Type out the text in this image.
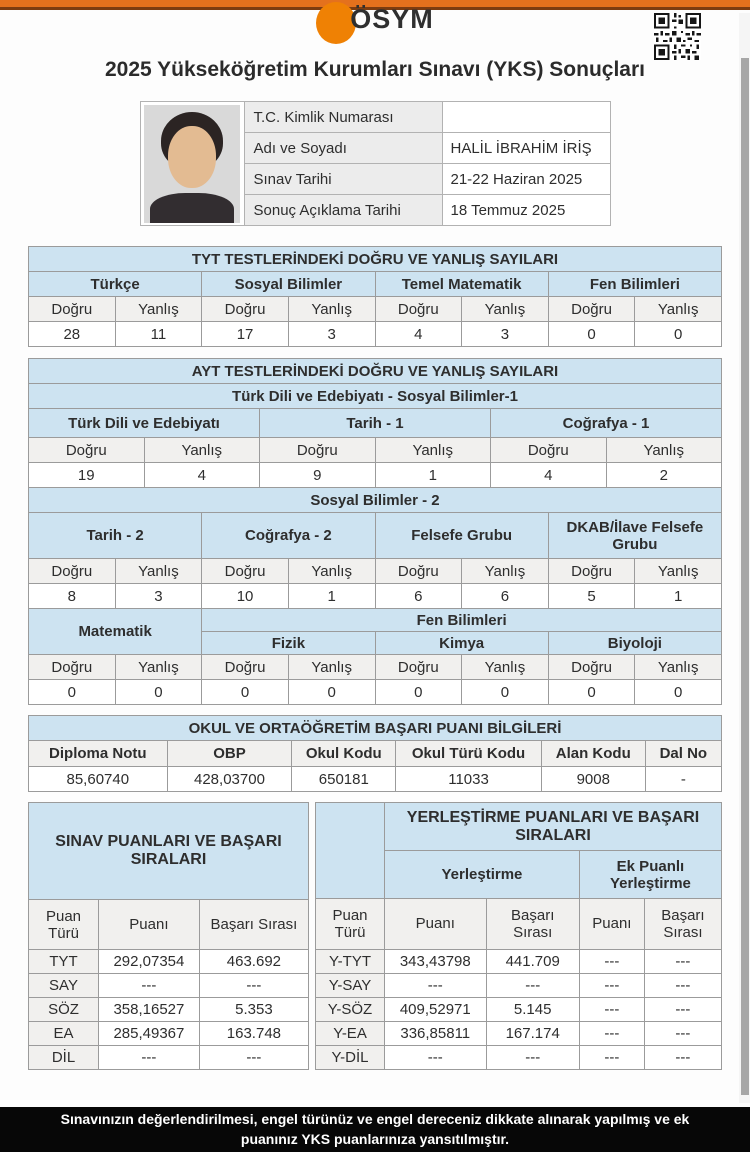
ÖSYM
2025 Yükseköğretim Kurumları Sınavı (YKS) Sonuçları
	T.C. Kimlik Numarası	
	Adı ve Soyadı	HALİL İBRAHİM İRİŞ
	Sınav Tarihi	21-22 Haziran 2025
	Sonuç Açıklama Tarihi	18 Temmuz 2025
TYT TESTLERİNDEKİ DOĞRU VE YANLIŞ SAYILARI							
Türkçe		Sosyal Bilimler		Temel Matematik		Fen Bilimleri	
Doğru	Yanlış	Doğru	Yanlış	Doğru	Yanlış	Doğru	Yanlış
28	11	17	3	4	3	0	0
AYT TESTLERİNDEKİ DOĞRU VE YANLIŞ SAYILARI											
Türk Dili ve Edebiyatı - Sosyal Bilimler-1											
Türk Dili ve Edebiyatı				Tarih - 1				Coğrafya - 1			
Doğru		Yanlış		Doğru		Yanlış		Doğru		Yanlış	
19		4		9		1		4		2	
Sosyal Bilimler - 2											
Tarih - 2			Coğrafya - 2			Felsefe Grubu			DKAB/İlave Felsefe Grubu		
Doğru	Yanlış		Doğru		Yanlış	Doğru	Yanlış		Doğru		Yanlış
8	3		10		1	6	6		5		1
Matematik			Fen Bilimleri								
			Fizik			Kimya			Biyoloji		
Doğru	Yanlış		Doğru		Yanlış	Doğru	Yanlış		Doğru		Yanlış
0	0		0		0	0	0		0		0
OKUL VE ORTAÖĞRETİM BAŞARI PUANI BİLGİLERİ					
Diploma Notu	OBP	Okul Kodu	Okul Türü Kodu	Alan Kodu	Dal No
85,60740	428,03700	650181	11033	9008	-
SINAV PUANLARI VE BAŞARI SIRALARI		
Puan Türü	Puanı	Başarı Sırası
TYT	292,07354	463.692
SAY	---	---
SÖZ	358,16527	5.353
EA	285,49367	163.748
DİL	---	---
	YERLEŞTİRME PUANLARI VE BAŞARI SIRALARI			
	Yerleştirme		Ek Puanlı Yerleştirme	
Puan Türü	Puanı	Başarı Sırası	Puanı	Başarı Sırası
Y-TYT	343,43798	441.709	---	---
Y-SAY	---	---	---	---
Y-SÖZ	409,52971	5.145	---	---
Y-EA	336,85811	167.174	---	---
Y-DİL	---	---	---	---
Sınavınızın değerlendirilmesi, engel türünüz ve engel dereceniz dikkate alınarak yapılmış ve ek puanınız YKS puanlarınıza yansıtılmıştır.
